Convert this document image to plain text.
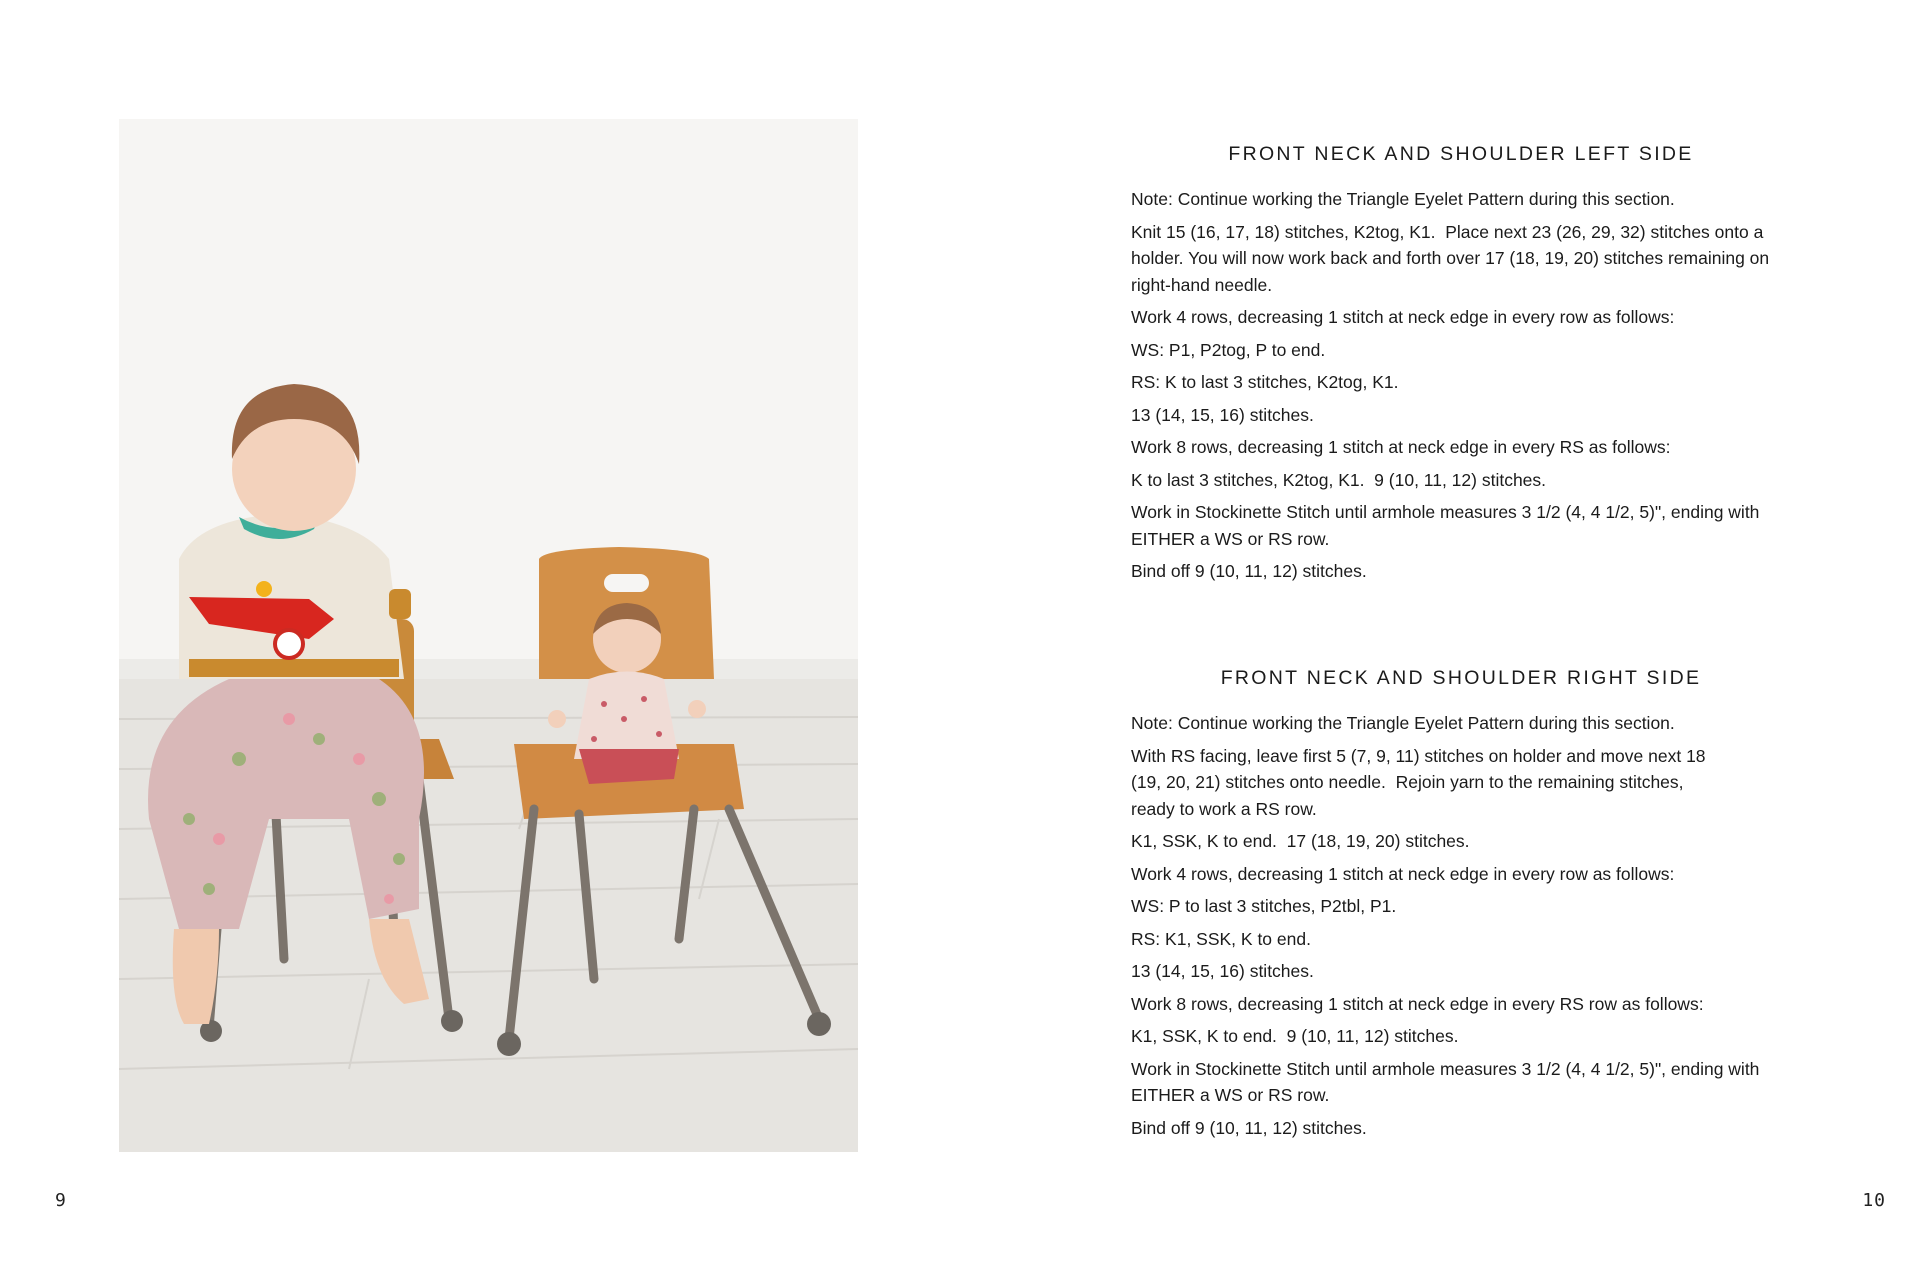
FRONT NECK AND SHOULDER LEFT SIDE

Note: Continue working the Triangle Eyelet Pattern during this section.

Knit 15 (16, 17, 18) stitches, K2tog, K1.  Place next 23 (26, 29, 32) stitches onto a
holder. You will now work back and forth over 17 (18, 19, 20) stitches remaining on
right-hand needle.

Work 4 rows, decreasing 1 stitch at neck edge in every row as follows:

WS: P1, P2tog, P to end.

RS: K to last 3 stitches, K2tog, K1.

13 (14, 15, 16) stitches.

Work 8 rows, decreasing 1 stitch at neck edge in every RS as follows:

K to last 3 stitches, K2tog, K1.  9 (10, 11, 12) stitches.

Work in Stockinette Stitch until armhole measures 3 1/2 (4, 4 1/2, 5)", ending with
EITHER a WS or RS row.

Bind off 9 (10, 11, 12) stitches.

FRONT NECK AND SHOULDER RIGHT SIDE

Note: Continue working the Triangle Eyelet Pattern during this section.

With RS facing, leave first 5 (7, 9, 11) stitches on holder and move next 18
(19, 20, 21) stitches onto needle.  Rejoin yarn to the remaining stitches,
ready to work a RS row.

K1, SSK, K to end.  17 (18, 19, 20) stitches.

Work 4 rows, decreasing 1 stitch at neck edge in every row as follows:

WS: P to last 3 stitches, P2tbl, P1.

RS: K1, SSK, K to end.

13 (14, 15, 16) stitches.

Work 8 rows, decreasing 1 stitch at neck edge in every RS row as follows:

K1, SSK, K to end.  9 (10, 11, 12) stitches.

Work in Stockinette Stitch until armhole measures 3 1/2 (4, 4 1/2, 5)", ending with
EITHER a WS or RS row.

Bind off 9 (10, 11, 12) stitches.

9	10
